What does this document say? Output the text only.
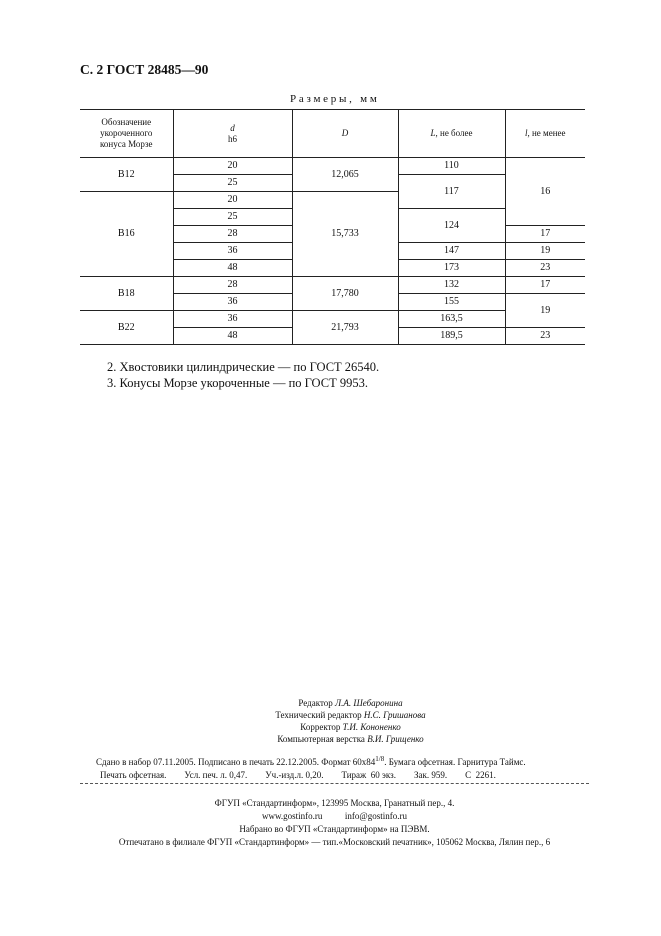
С. 2 ГОСТ 28485—90
Размеры, мм
Обозначение
укороченного
конуса Морзе	d
h6	D	L, не более	l, не менее
B12	20	12,065	110	16
	25		117	
B16	20	15,733		
	25		124	
	28			17
	36		147	19
	48		173	23
B18	28	17,780	132	17
	36		155	19
B22	36	21,793	163,5	
	48		189,5	23
2. Хвостовики цилиндрические — по ГОСТ 26540.
3. Конусы Морзе укороченные — по ГОСТ 9953.
Редактор Л.А. Шебаронина
Технический редактор Н.С. Гришанова
Корректор Т.И. Кононенко
Компьютерная верстка В.И. Грищенко
Сдано в набор 07.11.2005. Подписано в печать 22.12.2005. Формат $60х84^{1/8}$. Бумага офсетная. Гарнитура Таймс.
Печать офсетная.        Усл. печ. л. 0,47.        Уч.-изд.л. 0,20.        Тираж  60 экз.        Зак. 959.        С  2261.
ФГУП «Стандартинформ», 123995 Москва, Гранатный пер., 4.
www.gostinfo.ru          info@gostinfo.ru
Набрано во ФГУП «Стандартинформ» на ПЭВМ.
Отпечатано в филиале ФГУП «Стандартинформ» — тип.«Московский печатник», 105062 Москва, Лялин пер., 6
